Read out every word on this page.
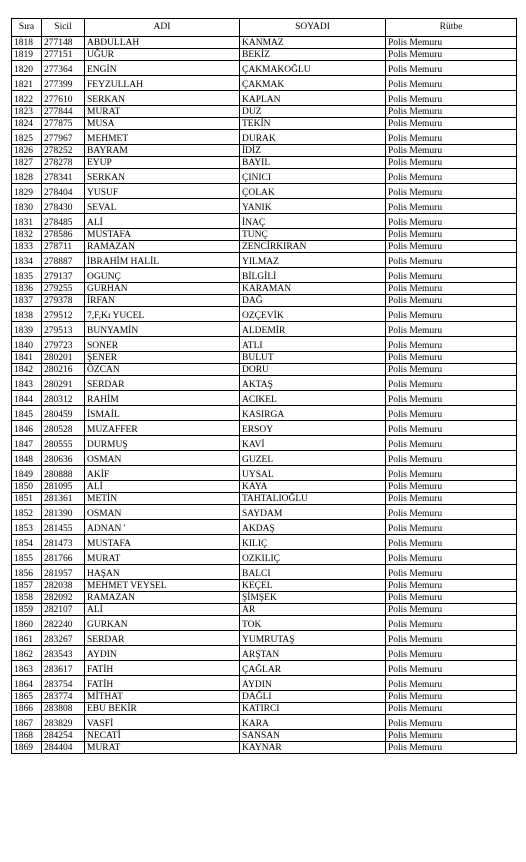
Sıra	Sicil	ADI	SOYADI	Rütbe
1818	277148	ABDULLAH	KANMAZ	Polis Memuru
1819	277151	UĞUR	BEKİZ	Polis Memuru
1820	277364	ENGİN	ÇAKMAKOĞLU	Polis Memuru
1821	277399	FEYZULLAH	ÇAKMAK	Polis Memuru
1822	277610	SERKAN	KAPLAN	Polis Memuru
1823	277844	MURAT	DUZ	Polis Memuru
1824	277875	MUSA	TEKİN	Polis Memuru
1825	277967	MEHMET	DURAK	Polis Memuru
1826	278252	BAYRAM	İDİZ	Polis Memuru
1827	278278	EYUP	BAYIL	Polis Memuru
1828	278341	SERKAN	ÇINICI	Polis Memuru
1829	278404	YUSUF	ÇOLAK	Polis Memuru
1830	278430	SEVAL	YANIK	Polis Memuru
1831	278485	ALİ	İNAÇ	Polis Memuru
1832	278586	MUSTAFA	TUNÇ	Polis Memuru
1833	278711	RAMAZAN	ZENCİRKIRAN	Polis Memuru
1834	278887	İBRAHİM HALİL	YILMAZ	Polis Memuru
1835	279137	OGUNÇ	BİLGİLİ	Polis Memuru
1836	279255	GURHAN	KARAMAN	Polis Memuru
1837	279378	İRFAN	DAĞ	Polis Memuru
1838	279512	7,F,Kı YUCEL	OZÇEVİK	Polis Memuru
1839	279513	BUNYAMİN	ALDEMİR	Polis Memuru
1840	279723	SONER	ATLI	Polis Memuru
1841	280201	ŞENER	BULUT	Polis Memuru
1842	280216	ÖZCAN	DORU	Polis Memuru
1843	280291	SERDAR	AKTAŞ	Polis Memuru
1844	280312	RAHİM	ACIKEL	Polis Memuru
1845	280459	İSMAİL	KASIRGA	Polis Memuru
1846	280528	MUZAFFER	ERSOY	Polis Memuru
1847	280555	DURMUŞ	KAVİ	Polis Memuru
1848	280636	OSMAN	GUZEL	Polis Memuru
1849	280888	AKİF	UYSAL	Polis Memuru
1850	281095	ALİ	KAYA	Polis Memuru
1851	281361	METİN	TAHTALIOĞLU	Polis Memuru
1852	281390	OSMAN	SAYDAM	Polis Memuru
1853	281455	ADNAN '	AKDAŞ	Polis Memuru
1854	281473	MUSTAFA	KILIÇ	Polis Memuru
1855	281766	MURAT	OZKILIÇ	Polis Memuru
1856	281957	HAŞAN	BALCI	Polis Memuru
1857	282038	MEHMET VEYSEL	KEÇEL	Polis Memuru
1858	282092	RAMAZAN	ŞİMŞEK	Polis Memuru
1859	282107	ALİ	AR	Polis Memuru
1860	282240	GURKAN	TOK	Polis Memuru
1861	283267	SERDAR	YUMRUTAŞ	Polis Memuru
1862	283543	AYDIN	ARŞTAN	Polis Memuru
1863	283617	FATİH	ÇAĞLAR	Polis Memuru
1864	283754	FATİH	AYDIN	Polis Memuru
1865	283774	MİTHAT	DAĞLI	Polis Memuru
1866	283808	EBU BEKİR	KATIRCI	Polis Memuru
1867	283829	VASFİ	KARA	Polis Memuru
1868	284254	NECATİ	SANSAN	Polis Memuru
1869	284404	MURAT	KAYNAR	Polis Memuru
